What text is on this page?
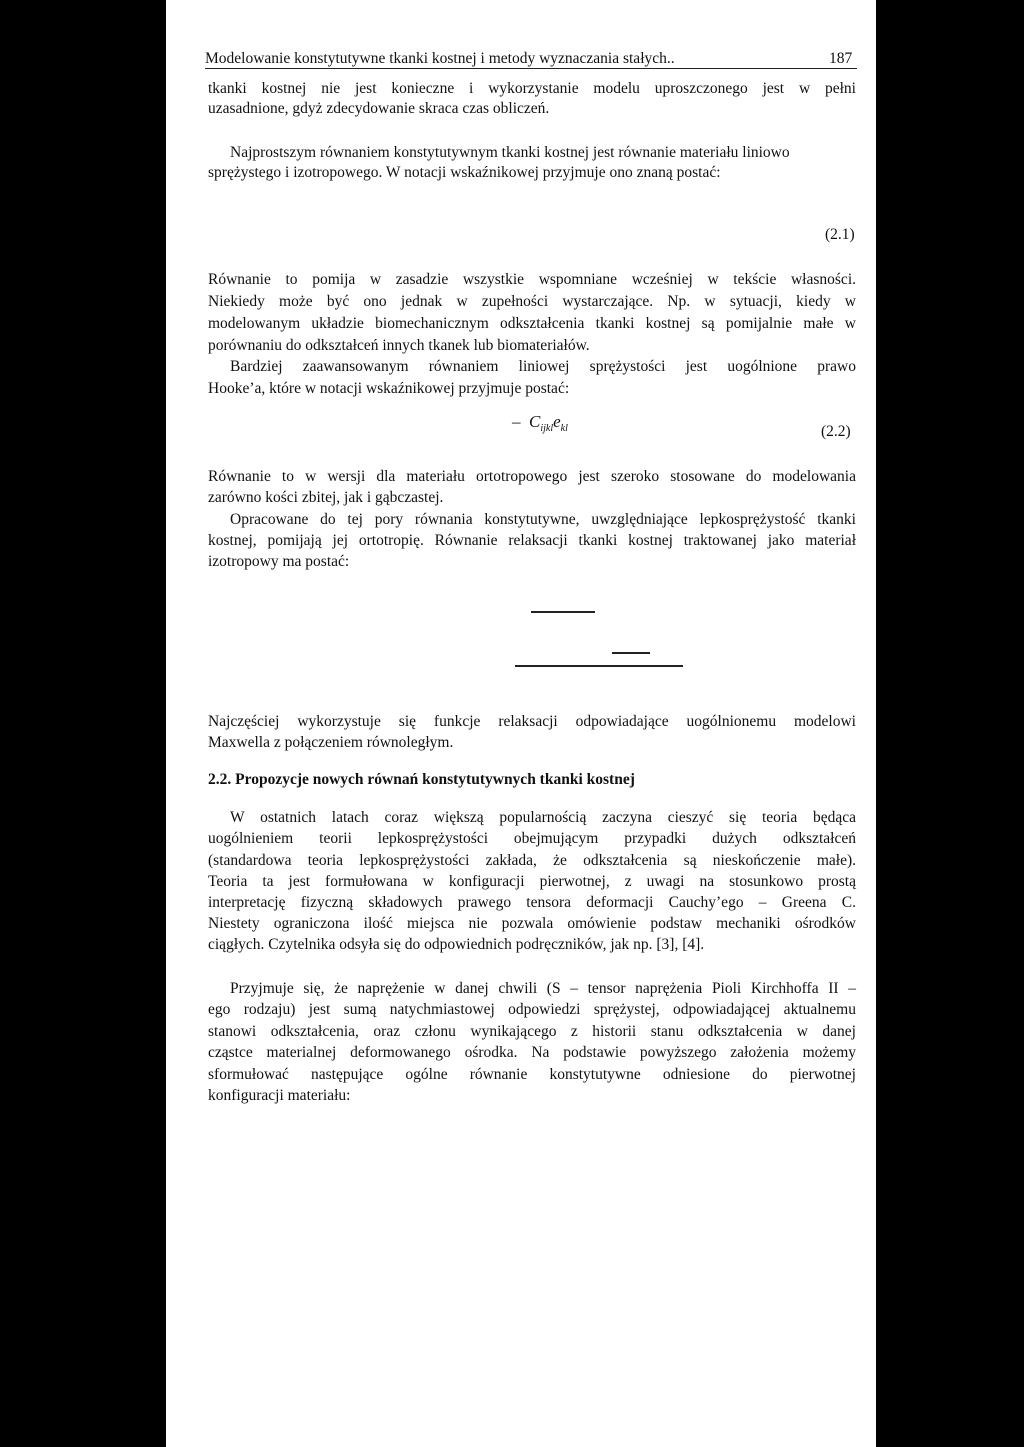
Modelowanie konstytutywne tkanki kostnej i metody wyznaczania stałych..	187
tkanki kostnej nie jest konieczne i wykorzystanie modelu uproszczonego jest w pełni
uzasadnione, gdyż zdecydowanie skraca czas obliczeń.
Najprostszym równaniem konstytutywnym tkanki kostnej jest równanie materiału liniowo
sprężystego i izotropowego. W notacji wskaźnikowej przyjmuje ono znaną postać:
(2.1)
Równanie to pomija w zasadzie wszystkie wspomniane wcześniej w tekście własności.
Niekiedy może być ono jednak w zupełności wystarczające. Np. w sytuacji, kiedy w
modelowanym układzie biomechanicznym odkształcenia tkanki kostnej są pomijalnie małe w
porównaniu do odkształceń innych tkanek lub biomateriałów.
Bardziej zaawansowanym równaniem liniowej sprężystości jest uogólnione prawo
Hooke’a, które w notacji wskaźnikowej przyjmuje postać:
– $C_{ijkl}e_{kl}$	(2.2)
Równanie to w wersji dla materiału ortotropowego jest szeroko stosowane do modelowania
zarówno kości zbitej, jak i gąbczastej.
Opracowane do tej pory równania konstytutywne, uwzględniające lepkosprężystość tkanki
kostnej, pomijają jej ortotropię. Równanie relaksacji tkanki kostnej traktowanej jako materiał
izotropowy ma postać:
Najczęściej wykorzystuje się funkcje relaksacji odpowiadające uogólnionemu modelowi
Maxwella z połączeniem równoległym.
2.2. Propozycje nowych równań konstytutywnych tkanki kostnej
W ostatnich latach coraz większą popularnością zaczyna cieszyć się teoria będąca
uogólnieniem teorii lepkosprężystości obejmującym przypadki dużych odkształceń
(standardowa teoria lepkosprężystości zakłada, że odkształcenia są nieskończenie małe).
Teoria ta jest formułowana w konfiguracji pierwotnej, z uwagi na stosunkowo prostą
interpretację fizyczną składowych prawego tensora deformacji Cauchy’ego – Greena C.
Niestety ograniczona ilość miejsca nie pozwala omówienie podstaw mechaniki ośrodków
ciągłych. Czytelnika odsyła się do odpowiednich podręczników, jak np. [3], [4].
Przyjmuje się, że naprężenie w danej chwili (S – tensor naprężenia Pioli Kirchhoffa II –
ego rodzaju) jest sumą natychmiastowej odpowiedzi sprężystej, odpowiadającej aktualnemu
stanowi odkształcenia, oraz członu wynikającego z historii stanu odkształcenia w danej
cząstce materialnej deformowanego ośrodka. Na podstawie powyższego założenia możemy
sformułować następujące ogólne równanie konstytutywne odniesione do pierwotnej
konfiguracji materiału:
